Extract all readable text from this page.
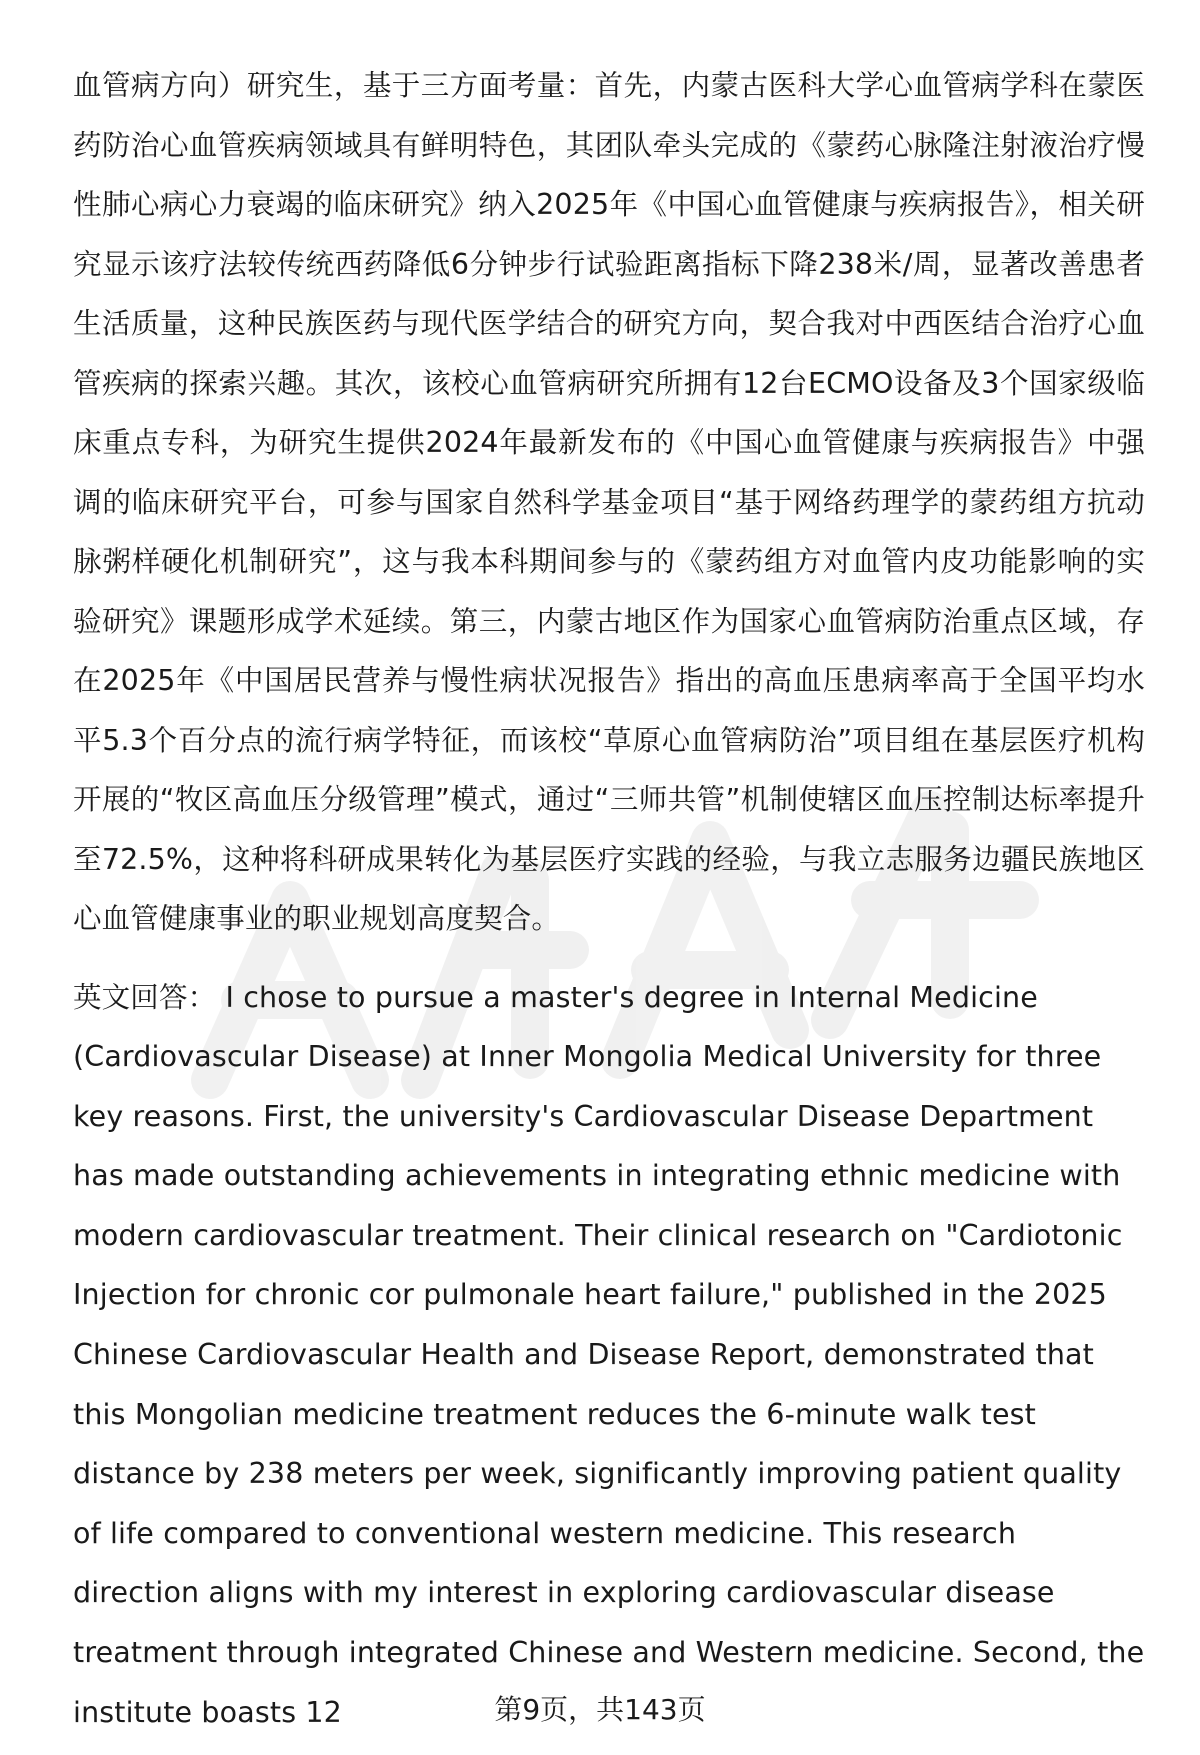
血管病方向）研究生，基于三方面考量：首先，内蒙古医科大学心血管病学科在蒙医药防治心血管疾病领域具有鲜明特色，其团队牵头完成的《蒙药心脉隆注射液治疗慢性肺心病心力衰竭的临床研究》纳入2025年《中国心血管健康与疾病报告》，相关研究显示该疗法较传统西药降低6分钟步行试验距离指标下降238米/周，显著改善患者生活质量，这种民族医药与现代医学结合的研究方向，契合我对中西医结合治疗心血管疾病的探索兴趣。其次，该校心血管病研究所拥有12台ECMO设备及3个国家级临床重点专科，为研究生提供2024年最新发布的《中国心血管健康与疾病报告》中强调的临床研究平台，可参与国家自然科学基金项目“基于网络药理学的蒙药组方抗动脉粥样硬化机制研究”，这与我本科期间参与的《蒙药组方对血管内皮功能影响的实验研究》课题形成学术延续。第三，内蒙古地区作为国家心血管病防治重点区域，存在2025年《中国居民营养与慢性病状况报告》指出的高血压患病率高于全国平均水平5.3个百分点的流行病学特征，而该校“草原心血管病防治”项目组在基层医疗机构开展的“牧区高血压分级管理”模式，通过“三师共管”机制使辖区血压控制达标率提升至72.5%，这种将科研成果转化为基层医疗实践的经验，与我立志服务边疆民族地区心血管健康事业的职业规划高度契合。

英文回答： I chose to pursue a master's degree in Internal Medicine (Cardiovascular Disease) at Inner Mongolia Medical University for three key reasons. First, the university's Cardiovascular Disease Department has made outstanding achievements in integrating ethnic medicine with modern cardiovascular treatment. Their clinical research on "Cardiotonic Injection for chronic cor pulmonale heart failure," published in the 2025 Chinese Cardiovascular Health and Disease Report, demonstrated that this Mongolian medicine treatment reduces the 6-minute walk test distance by 238 meters per week, significantly improving patient quality of life compared to conventional western medicine. This research direction aligns with my interest in exploring cardiovascular disease treatment through integrated Chinese and Western medicine. Second, the institute boasts 12	第9页，共143页
